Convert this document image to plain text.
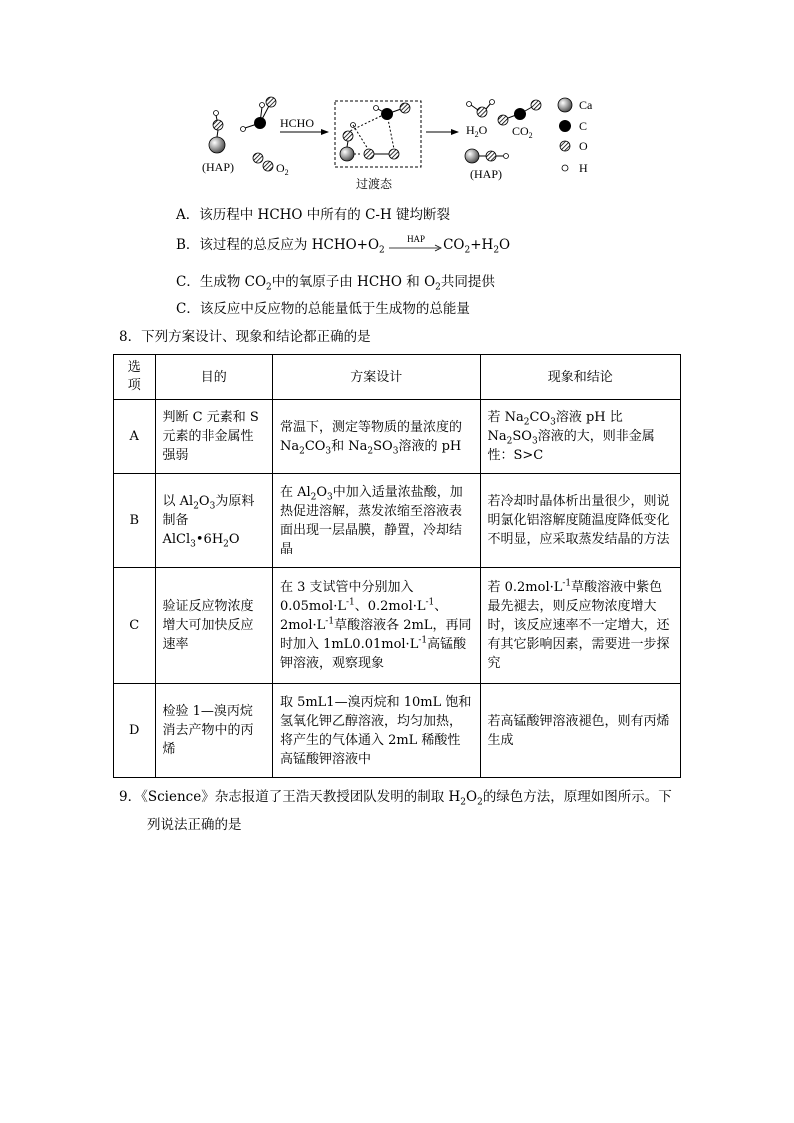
(HAP)
HCHO
$O_2$
过渡态
$H_2O$ $CO_2$
(HAP)
Ca
C
O
H
A．该历程中 HCHO 中所有的 C-H 键均断裂
B．该过程的总反应为 $HCHO+O_2$
HAP	$CO_2+H_2O$
C．生成物 $CO_2$中的氧原子由 HCHO 和 $O_2$共同提供
C．该反应中反应物的总能量低于生成物的总能量
8．下列方案设计、现象和结论都正确的是
选项	目的	方案设计	现象和结论
A	判断 C 元素和 S 元素的非金属性强弱	常温下，测定等物质的量浓度的 $Na_2CO_3$和 $Na_2SO_3$溶液的 pH	若 $Na_2CO_3$溶液 pH 比 $Na_2SO_3$溶液的大，则非金属性：S>C
B	以 $Al_2O_3$为原料制备 $AlCl_3•6H_2O$	在 $Al_2O_3$中加入适量浓盐酸，加热促进溶解，蒸发浓缩至溶液表面出现一层晶膜，静置，冷却结晶	若冷却时晶体析出量很少，则说明氯化铝溶解度随温度降低变化不明显，应采取蒸发结晶的方法
C	验证反应物浓度增大可加快反应速率	在 3 支试管中分别加入 $0.05mol\cdot L^{-1}$、$0.2mol\cdot L^{-1}$、$2mol\cdot L^{-1}$草酸溶液各 2mL，再同时加入 $1mL0.01mol\cdot L^{-1}$高锰酸钾溶液，观察现象	若 $0.2mol\cdot L^{-1}$草酸溶液中紫色最先褪去，则反应物浓度增大时，该反应速率不一定增大，还有其它影响因素，需要进一步探究
D	检验 1—溴丙烷消去产物中的丙烯	取 5mL1—溴丙烷和 10mL 饱和氢氧化钾乙醇溶液，均匀加热，将产生的气体通入 2mL 稀酸性高锰酸钾溶液中	若高锰酸钾溶液褪色，则有丙烯生成
9．《Science》杂志报道了王浩天教授团队发明的制取 $H_2O_2$的绿色方法，原理如图所示。下
列说法正确的是
